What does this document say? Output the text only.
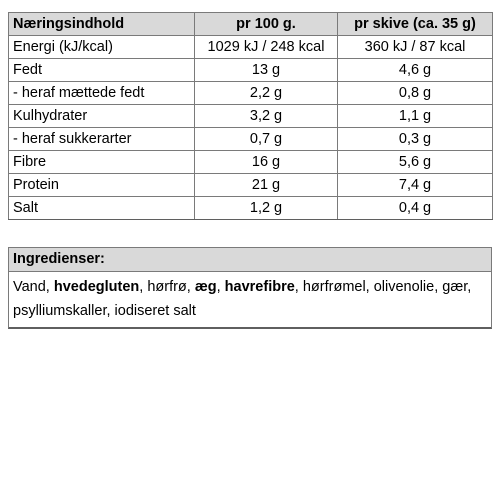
Næringsindhold	pr 100 g.	pr skive (ca. 35 g)
Energi (kJ/kcal)	1029 kJ / 248 kcal	360 kJ / 87 kcal
Fedt	13 g	4,6 g
- heraf mættede fedt	2,2 g	0,8 g
Kulhydrater	3,2 g	1,1 g
- heraf sukkerarter	0,7 g	0,3 g
Fibre	16 g	5,6 g
Protein	21 g	7,4 g
Salt	1,2 g	0,4 g
Ingredienser:
Vand, hvedegluten, hørfrø, æg, havrefibre, hørfrømel, olivenolie, gær, psylliumskaller, iodiseret salt
